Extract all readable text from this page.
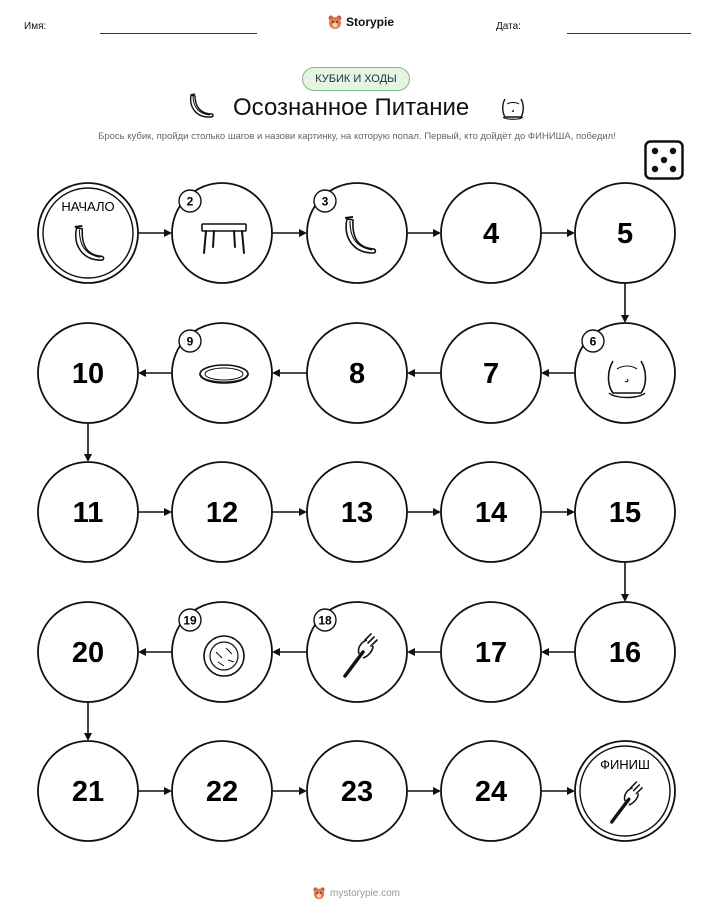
Имя:	Storypie	Дата:
КУБИК И ХОДЫ
Осознанное Питание
Брось кубик, пройди столько шагов и назови картинку, на которую попал. Первый, кто дойдёт до ФИНИША, победил!
НАЧАЛО	2	3
4	5
6
7
8
9
10
11	12	13	14	15
16
17
18
19
20
21	22	23	24
ФИНИШ
mystorypie.com
